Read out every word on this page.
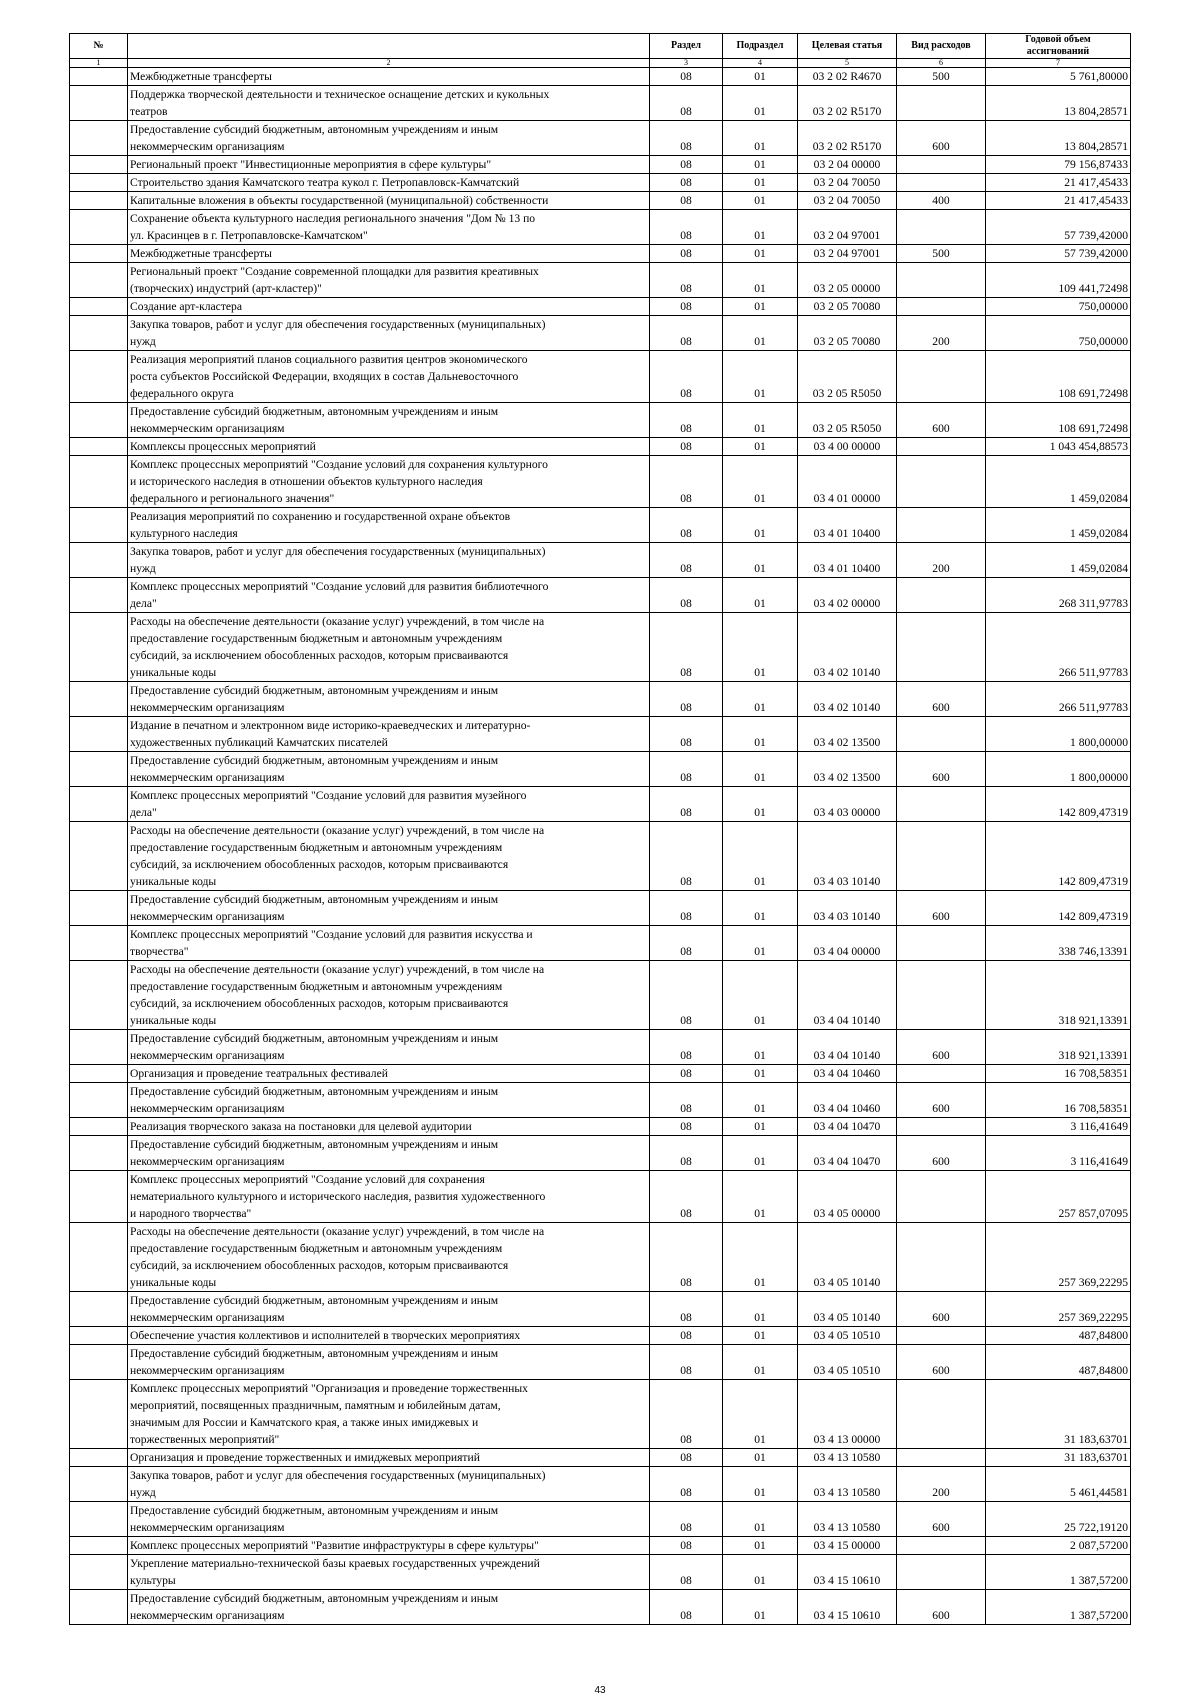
№		Раздел	Подраздел	Целевая статья	Вид расходов	Годовой объем
ассигнований

1	2	3	4	5	6	7
	Межбюджетные трансферты	08	01	03 2 02 R4670	500	5 761,80000
	Поддержка творческой деятельности и техническое оснащение детских и кукольных
театров	08	01	03 2 02 R5170		13 804,28571
	Предоставление субсидий бюджетным, автономным учреждениям и иным
некоммерческим организациям	08	01	03 2 02 R5170	600	13 804,28571
	Региональный проект "Инвестиционные мероприятия в сфере культуры"	08	01	03 2 04 00000		79 156,87433
	Строительство здания Камчатского театра кукол г. Петропавловск-Камчатский	08	01	03 2 04 70050		21 417,45433
	Капитальные вложения в объекты государственной (муниципальной) собственности	08	01	03 2 04 70050	400	21 417,45433
	Сохранение объекта культурного наследия регионального значения "Дом № 13 по
ул. Красинцев в г. Петропавловске-Камчатском"	08	01	03 2 04 97001		57 739,42000
	Межбюджетные трансферты	08	01	03 2 04 97001	500	57 739,42000
	Региональный проект "Создание современной площадки для развития креативных
(творческих) индустрий (арт-кластер)"	08	01	03 2 05 00000		109 441,72498
	Создание арт-кластера	08	01	03 2 05 70080		750,00000
	Закупка товаров, работ и услуг для обеспечения государственных (муниципальных)
нужд	08	01	03 2 05 70080	200	750,00000
	Реализация мероприятий планов социального развития центров экономического
роста субъектов Российской Федерации, входящих в состав Дальневосточного
федерального округа	08	01	03 2 05 R5050		108 691,72498
	Предоставление субсидий бюджетным, автономным учреждениям и иным
некоммерческим организациям	08	01	03 2 05 R5050	600	108 691,72498
	Комплексы процессных мероприятий	08	01	03 4 00 00000		1 043 454,88573
	Комплекс процессных мероприятий "Создание условий для сохранения культурного
и исторического наследия в отношении объектов культурного наследия
федерального и регионального значения"	08	01	03 4 01 00000		1 459,02084
	Реализация мероприятий по сохранению и государственной охране объектов
культурного наследия	08	01	03 4 01 10400		1 459,02084
	Закупка товаров, работ и услуг для обеспечения государственных (муниципальных)
нужд	08	01	03 4 01 10400	200	1 459,02084
	Комплекс процессных мероприятий "Создание условий для развития библиотечного
дела"	08	01	03 4 02 00000		268 311,97783
	Расходы на обеспечение деятельности (оказание услуг) учреждений, в том числе на
предоставление государственным бюджетным и автономным учреждениям
субсидий, за исключением обособленных расходов, которым присваиваются
уникальные коды	08	01	03 4 02 10140		266 511,97783
	Предоставление субсидий бюджетным, автономным учреждениям и иным
некоммерческим организациям	08	01	03 4 02 10140	600	266 511,97783
	Издание в печатном и электронном виде историко-краеведческих и литературно-
художественных публикаций Камчатских писателей	08	01	03 4 02 13500		1 800,00000
	Предоставление субсидий бюджетным, автономным учреждениям и иным
некоммерческим организациям	08	01	03 4 02 13500	600	1 800,00000
	Комплекс процессных мероприятий "Создание условий для развития музейного
дела"	08	01	03 4 03 00000		142 809,47319
	Расходы на обеспечение деятельности (оказание услуг) учреждений, в том числе на
предоставление государственным бюджетным и автономным учреждениям
субсидий, за исключением обособленных расходов, которым присваиваются
уникальные коды	08	01	03 4 03 10140		142 809,47319
	Предоставление субсидий бюджетным, автономным учреждениям и иным
некоммерческим организациям	08	01	03 4 03 10140	600	142 809,47319
	Комплекс процессных мероприятий "Создание условий для развития искусства и
творчества"	08	01	03 4 04 00000		338 746,13391
	Расходы на обеспечение деятельности (оказание услуг) учреждений, в том числе на
предоставление государственным бюджетным и автономным учреждениям
субсидий, за исключением обособленных расходов, которым присваиваются
уникальные коды	08	01	03 4 04 10140		318 921,13391
	Предоставление субсидий бюджетным, автономным учреждениям и иным
некоммерческим организациям	08	01	03 4 04 10140	600	318 921,13391
	Организация и проведение театральных фестивалей	08	01	03 4 04 10460		16 708,58351
	Предоставление субсидий бюджетным, автономным учреждениям и иным
некоммерческим организациям	08	01	03 4 04 10460	600	16 708,58351
	Реализация творческого заказа на постановки для целевой аудитории	08	01	03 4 04 10470		3 116,41649
	Предоставление субсидий бюджетным, автономным учреждениям и иным
некоммерческим организациям	08	01	03 4 04 10470	600	3 116,41649
	Комплекс процессных мероприятий "Создание условий для сохранения
нематериального культурного и исторического наследия, развития художественного
и народного творчества"	08	01	03 4 05 00000		257 857,07095
	Расходы на обеспечение деятельности (оказание услуг) учреждений, в том числе на
предоставление государственным бюджетным и автономным учреждениям
субсидий, за исключением обособленных расходов, которым присваиваются
уникальные коды	08	01	03 4 05 10140		257 369,22295
	Предоставление субсидий бюджетным, автономным учреждениям и иным
некоммерческим организациям	08	01	03 4 05 10140	600	257 369,22295
	Обеспечение участия коллективов и исполнителей в творческих мероприятиях	08	01	03 4 05 10510		487,84800
	Предоставление субсидий бюджетным, автономным учреждениям и иным
некоммерческим организациям	08	01	03 4 05 10510	600	487,84800
	Комплекс процессных мероприятий "Организация и проведение торжественных
мероприятий, посвященных праздничным, памятным и юбилейным датам,
значимым для России и Камчатского края, а также иных имиджевых и
торжественных мероприятий"	08	01	03 4 13 00000		31 183,63701
	Организация и проведение торжественных и имиджевых мероприятий	08	01	03 4 13 10580		31 183,63701
	Закупка товаров, работ и услуг для обеспечения государственных (муниципальных)
нужд	08	01	03 4 13 10580	200	5 461,44581
	Предоставление субсидий бюджетным, автономным учреждениям и иным
некоммерческим организациям	08	01	03 4 13 10580	600	25 722,19120
	Комплекс процессных мероприятий "Развитие инфраструктуры в сфере культуры"	08	01	03 4 15 00000		2 087,57200
	Укрепление материально-технической базы краевых государственных учреждений
культуры	08	01	03 4 15 10610		1 387,57200
	Предоставление субсидий бюджетным, автономным учреждениям и иным
некоммерческим организациям	08	01	03 4 15 10610	600	1 387,57200
43
